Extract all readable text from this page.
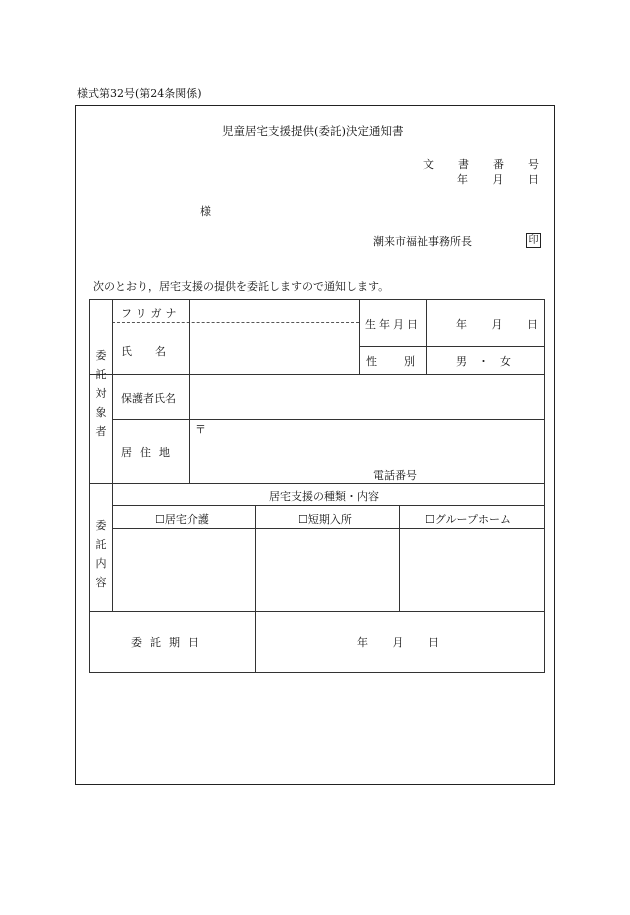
様式第32号(第24条関係)
児童居宅支援提供(委託)決定通知書
文　書　番　号
年　月　日
様
潮来市福祉事務所長	印
次のとおり，居宅支援の提供を委託しますので通知します。
委託対象者
フリガナ
氏　名
生年月日	年　月　日
性　別	男　・　女
保護者氏名
居住地
〒
電話番号
委託内容
居宅支援の種類・内容
☐居宅介護	☐短期入所	☐グループホーム
委託期日	年　月　日
